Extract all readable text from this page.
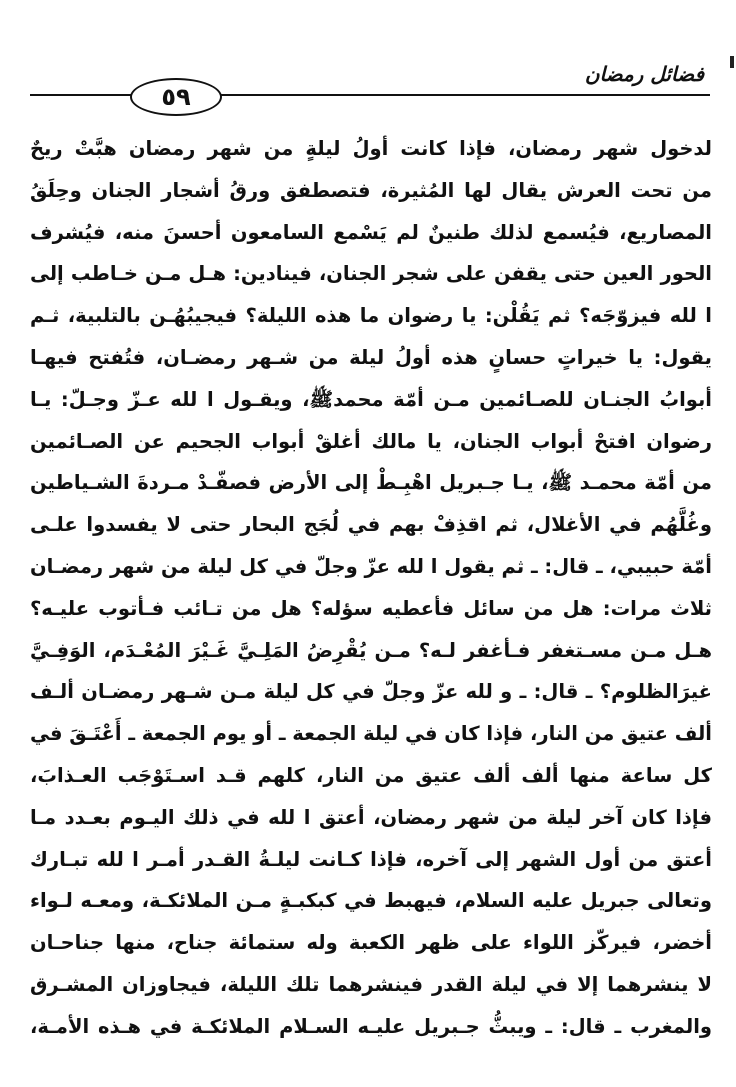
فضائل رمضان
٥٩
لدخول شهر رمضان، فإذا كانت أولُ ليلةٍ من شهر رمضان هبَّتْ ريحٌ
من تحت العرش يقال لها المُثيرة، فتصطفق ورقُ أشجار الجنان وحِلَقُ
المصاريع، فيُسمع لذلك طنينٌ لم يَسْمع السامعون أحسنَ منه، فيُشرف
الحور العين حتى يقفن على شجر الجنان، فينادين: هـل مـن خـاطب إلى
ا لله فيزوّجَه؟ ثم يَقُلْن: يا رضوان ما هذه الليلة؟ فيجيبُهُـن بالتلبية، ثـم
يقول: يا خيراتٍ حسانٍ هذه أولُ ليلة من شـهر رمضـان، فتُفتح فيهـا
أبوابُ الجنـان للصـائمين مـن أمّة محمدﷺ، ويقـول ا لله عـزّ وجـلّ: يـا
رضوان افتحْ أبواب الجنان، يا مالك أغلقْ أبواب الجحيم عن الصـائمين
من أمّة محمـد ﷺ، يـا جـبريل اهْبِـطْ إلى الأرض فصفّـدْ مـردةَ الشـياطين
وغُلَّهُم في الأغلال، ثم اقذِفْ بهم في لُجَج البحار حتى لا يفسدوا علـى
أمّة حبيبي، ـ قال: ـ ثم يقول ا لله عزّ وجلّ في كل ليلة من شهر رمضـان
ثلاث مرات: هل من سائل فأعطيه سؤله؟ هل من تـائب فـأتوب عليـه؟
هـل مـن مسـتغفر فـأغفر لـه؟ مـن يُقْرِضُ المَلِـيَّ غَـيْرَ المُعْـدَم، الوَفِـيَّ
غيرَالظلوم؟ ـ قال: ـ و لله عزّ وجلّ في كل ليلة مـن شـهر رمضـان ألـف
ألف عتيق من النار، فإذا كان في ليلة الجمعة ـ أو يوم الجمعة ـ أَعْتَـقَ في
كل ساعة منها ألف ألف عتيق من النار، كلهم قـد اسـتَوْجَب العـذابَ،
فإذا كان آخر ليلة من شهر رمضان، أعتق ا لله في ذلك اليـوم بعـدد مـا
أعتق من أول الشهر إلى آخره، فإذا كـانت ليلـةُ القـدر أمـر ا لله تبـارك
وتعالى جبريل عليه السلام، فيهبط في كبكبـةٍ مـن الملائكـة، ومعـه لـواء
أخضر، فيركّز اللواء على ظهر الكعبة وله ستمائة جناح، منها جناحـان
لا ينشرهما إلا في ليلة القدر فينشرهما تلك الليلة، فيجاوزان المشـرق
والمغرب ـ قال: ـ ويبثُّ جـبريل عليـه السـلام الملائكـة في هـذه الأمـة،
